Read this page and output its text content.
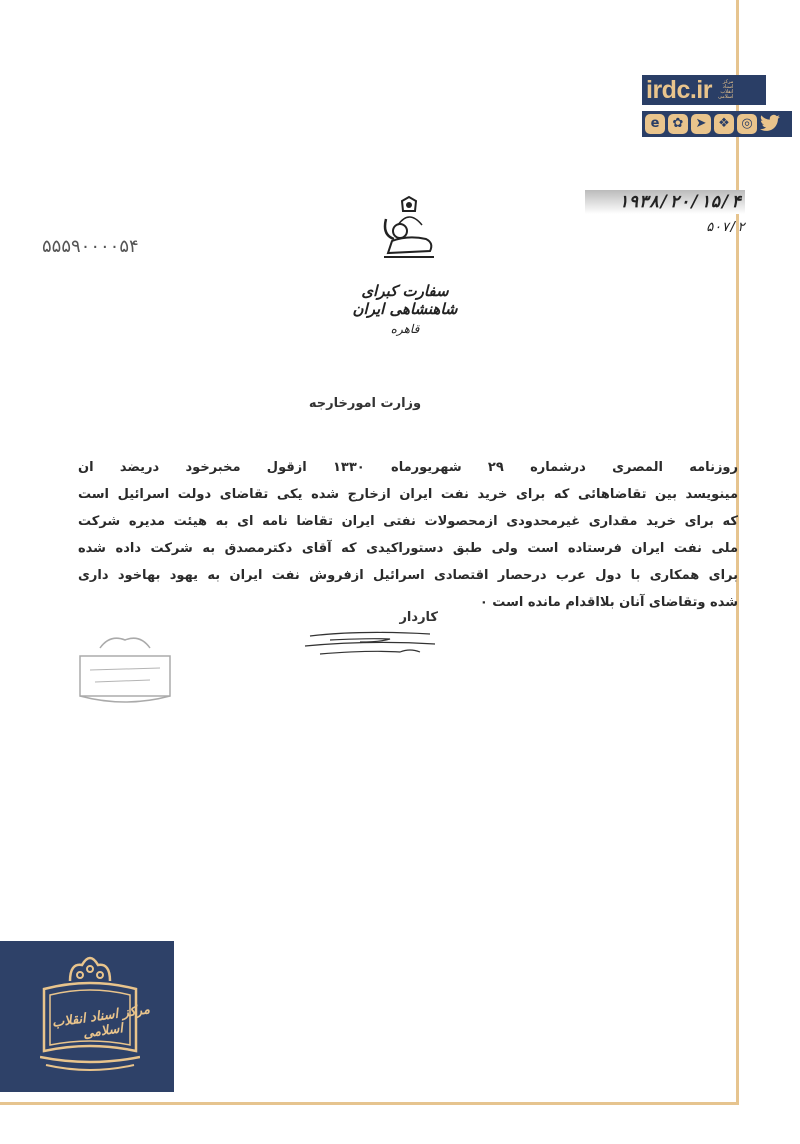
irdc.ir	مرکز
اسناد
انقلاب
اسلامی
e	✿ ➤ ❖ ◎
۱۹۳۸/۲۰/۱۵/۴
۵۰۷/۲
۵۵۵۹۰۰۰۰۵۴
سفارت کبرای شاهنشاهی ایران
قاهره
وزارت امورخارجه

روزنامه المصری درشماره ۲۹ شهریورماه ۱۳۳۰ ازقول مخبرخود دریضد ان

مینویسد بین تقاضاهائی که برای خرید نفت ایران ازخارج شده یکی تقاضای دولت اسرائیل است

که برای خرید مقداری غیرمحدودی ازمحصولات نفتی ایران تقاضا نامه ای به هیئت مدیره شرکت

ملی نفت ایران فرستاده است ولی طبق دستوراکیدی که آقای دکترمصدق به شرکت داده شده

برای همکاری با دول عرب درحصار اقتصادی اسرائیل ازفروش نفت ایران به یهود بهاخود داری

شده وتقاضای آنان بلااقدام مانده است ۰

کاردار
مرکز اسناد انقلاب اسلامی
